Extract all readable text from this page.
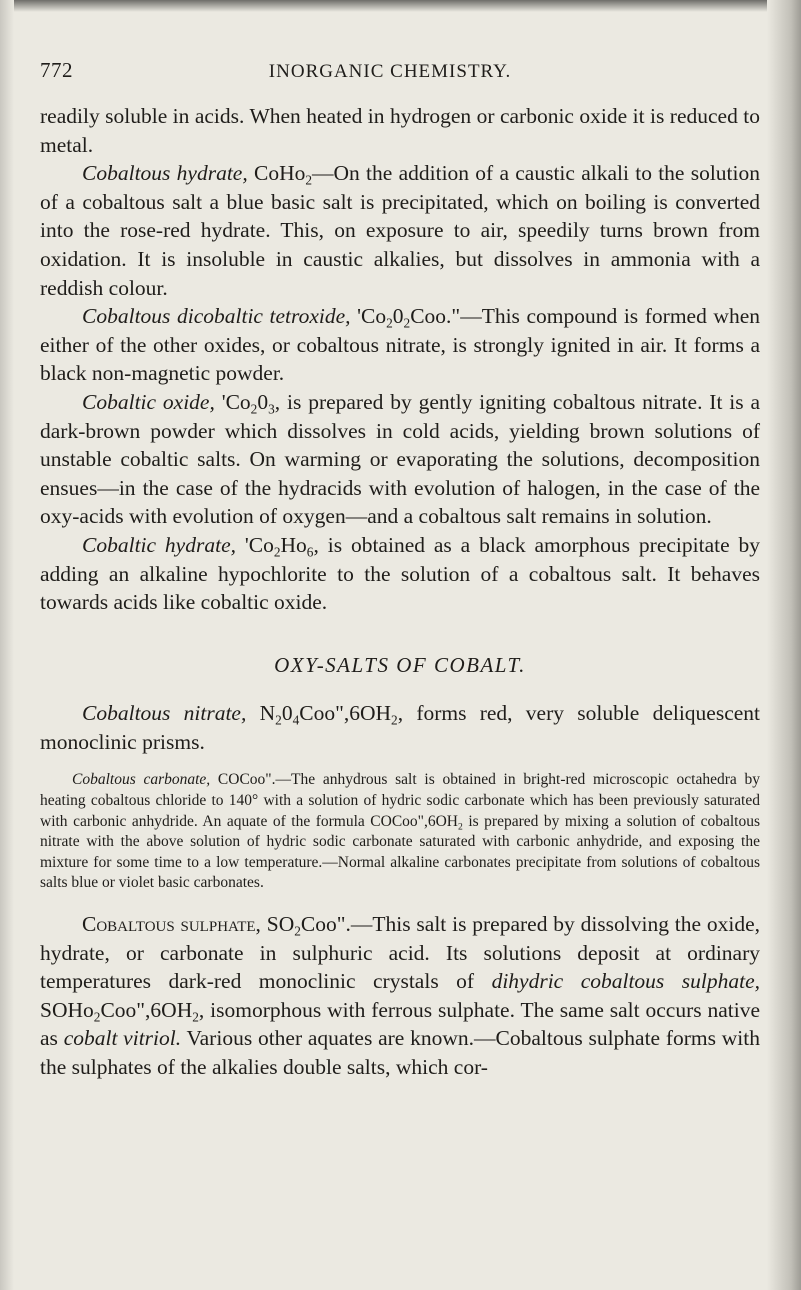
772	INORGANIC CHEMISTRY.

readily soluble in acids. When heated in hydrogen or carbonic oxide it is reduced to metal.

Cobaltous hydrate, CoHo$_2$—On the addition of a caustic alkali to the solution of a cobaltous salt a blue basic salt is precipitated, which on boiling is converted into the rose-red hydrate. This, on exposure to air, speedily turns brown from oxidation. It is insoluble in caustic alkalies, but dissolves in ammonia with a reddish colour.

Cobaltous dicobaltic tetroxide, '$Co_20_2Coo."—This$ compound is formed when either of the other oxides, or cobaltous nitrate, is strongly ignited in air. It forms a black non-magnetic powder.

Cobaltic oxide, '$Co_20_3$, is prepared by gently igniting cobaltous nitrate. It is a dark-brown powder which dissolves in cold acids, yielding brown solutions of unstable cobaltic salts. On warming or evaporating the solutions, decomposition ensues—in the case of the hydracids with evolution of halogen, in the case of the oxy-acids with evolution of oxygen—and a cobaltous salt remains in solution.

Cobaltic hydrate, '$Co_2Ho_6$, is obtained as a black amorphous precipitate by adding an alkaline hypochlorite to the solution of a cobaltous salt. It behaves towards acids like cobaltic oxide.

OXY-SALTS OF COBALT.

Cobaltous nitrate, $N_20_4Coo",6OH_2$, forms red, very soluble deliquescent monoclinic prisms.

Cobaltous carbonate, COCoo".—The anhydrous salt is obtained in bright-red microscopic octahedra by heating cobaltous chloride to 140° with a solution of hydric sodic carbonate which has been previously saturated with carbonic anhydride. An aquate of the formula $COCoo",6OH_2$ is prepared by mixing a solution of cobaltous nitrate with the above solution of hydric sodic carbonate saturated with carbonic anhydride, and exposing the mixture for some time to a low temperature.—Normal alkaline carbonates precipitate from solutions of cobaltous salts blue or violet basic carbonates.

Cobaltous sulphate, $SO_2Coo".—This$ salt is prepared by dissolving the oxide, hydrate, or carbonate in sulphuric acid. Its solutions deposit at ordinary temperatures dark-red monoclinic crystals of dihydric cobaltous sulphate, $SOHo_2Coo",6OH_2$, isomorphous with ferrous sulphate. The same salt occurs native as cobalt vitriol. Various other aquates are known.—Cobaltous sulphate forms with the sulphates of the alkalies double salts, which cor-
